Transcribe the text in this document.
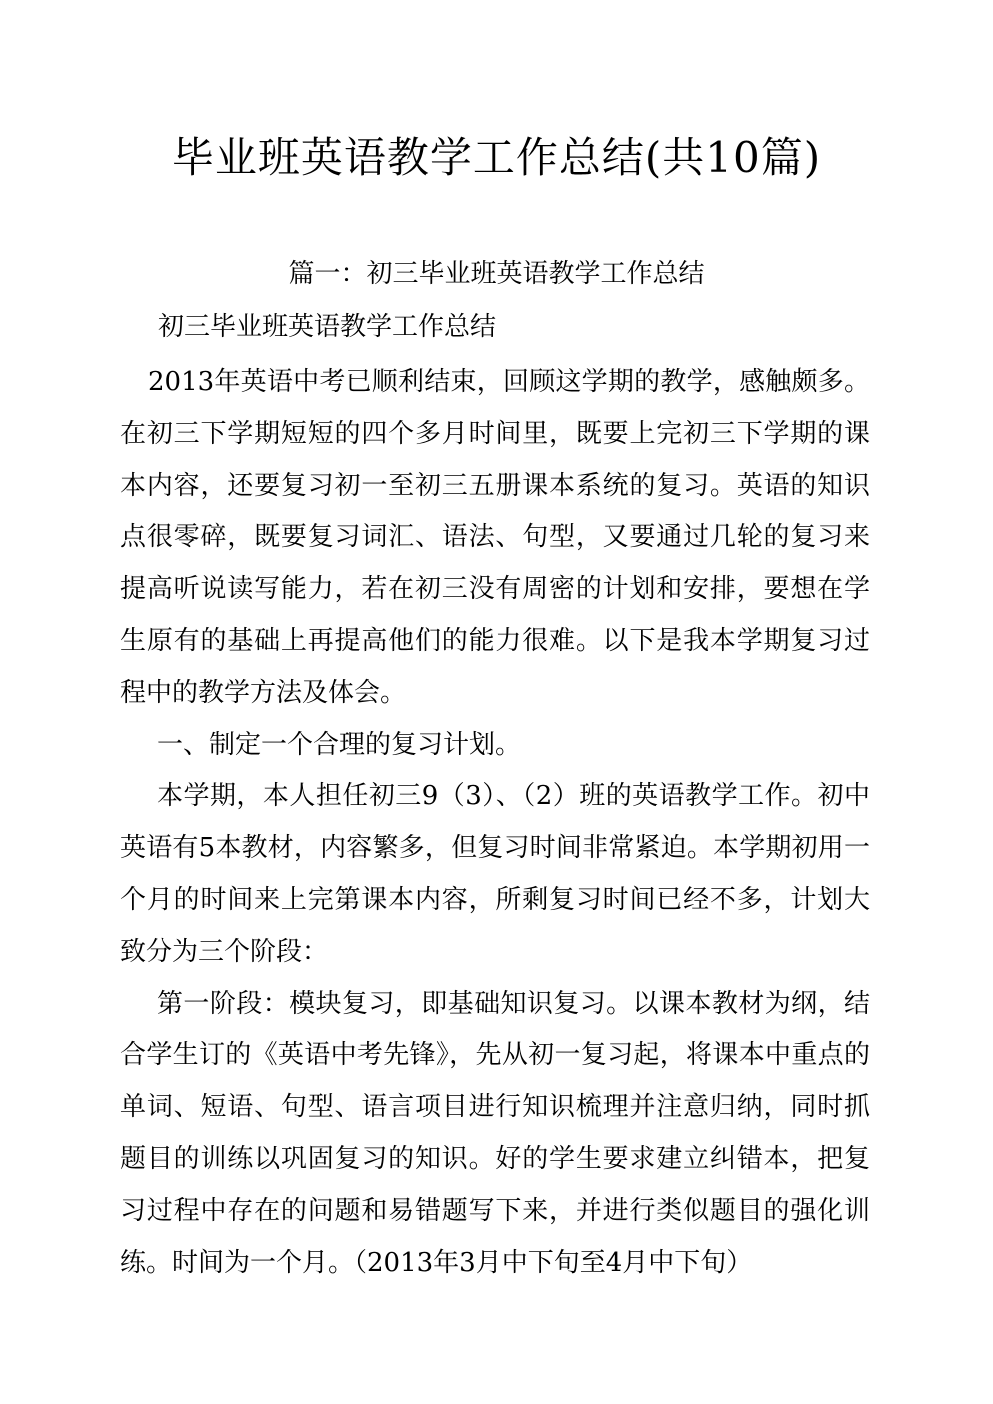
毕业班英语教学工作总结(共10篇)
篇一：初三毕业班英语教学工作总结
初三毕业班英语教学工作总结

2013年英语中考已顺利结束，回顾这学期的教学，感触颇多。在初三下学期短短的四个多月时间里，既要上完初三下学期的课本内容，还要复习初一至初三五册课本系统的复习。英语的知识点很零碎，既要复习词汇、语法、句型，又要通过几轮的复习来提高听说读写能力，若在初三没有周密的计划和安排，要想在学生原有的基础上再提高他们的能力很难。以下是我本学期复习过程中的教学方法及体会。

一、制定一个合理的复习计划。

本学期，本人担任初三9（3）、（2）班的英语教学工作。初中英语有5本教材，内容繁多，但复习时间非常紧迫。本学期初用一个月的时间来上完第课本内容，所剩复习时间已经不多，计划大致分为三个阶段：

第一阶段：模块复习，即基础知识复习。以课本教材为纲，结合学生订的《英语中考先锋》，先从初一复习起，将课本中重点的单词、短语、句型、语言项目进行知识梳理并注意归纳，同时抓题目的训练以巩固复习的知识。好的学生要求建立纠错本，把复习过程中存在的问题和易错题写下来，并进行类似题目的强化训练。时间为一个月。（2013年3月中下旬至4月中下旬）
